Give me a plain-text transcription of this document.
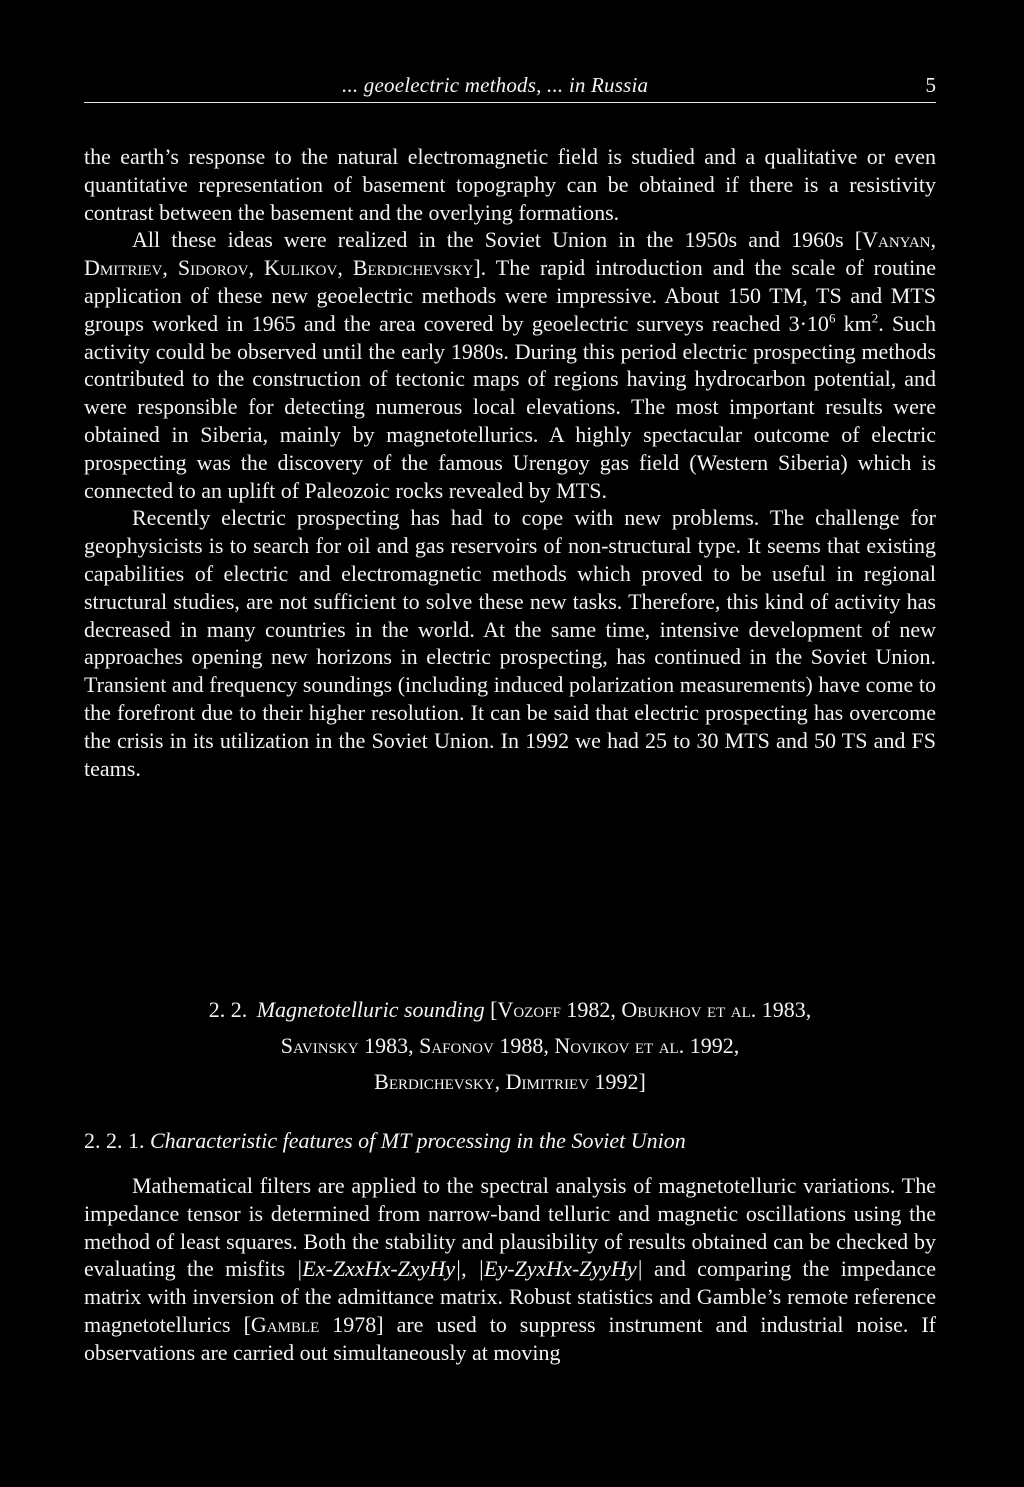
... geoelectric methods, ... in Russia	5

the earth’s response to the natural electromagnetic field is studied and a qualitative or even quantitative representation of basement topography can be obtained if there is a resistivity contrast between the basement and the overlying formations.

All these ideas were realized in the Soviet Union in the 1950s and 1960s [Vanyan, Dmitriev, Sidorov, Kulikov, Berdichevsky]. The rapid introduction and the scale of routine application of these new geoelectric methods were impressive. About 150 TM, TS and MTS groups worked in 1965 and the area covered by geoelectric surveys reached $3\cdot 10^6$ $km^2$. Such activity could be observed until the early 1980s. During this period electric prospecting methods contributed to the construction of tectonic maps of regions having hydrocarbon potential, and were responsible for detecting numerous local elevations. The most important results were obtained in Siberia, mainly by magnetotellurics. A highly spectacular outcome of electric prospecting was the discovery of the famous Urengoy gas field (Western Siberia) which is connected to an uplift of Paleozoic rocks revealed by MTS.

Recently electric prospecting has had to cope with new problems. The challenge for geophysicists is to search for oil and gas reservoirs of non-structural type. It seems that existing capabilities of electric and electromagnetic methods which proved to be useful in regional structural studies, are not sufficient to solve these new tasks. Therefore, this kind of activity has decreased in many countries in the world. At the same time, intensive development of new approaches opening new horizons in electric prospecting, has continued in the Soviet Union. Transient and frequency soundings (including induced polarization measurements) have come to the forefront due to their higher resolution. It can be said that electric prospecting has overcome the crisis in its utilization in the Soviet Union. In 1992 we had 25 to 30 MTS and 50 TS and FS teams.

2. 2. Magnetotelluric sounding [Vozoff 1982, Obukhov et al. 1983,
Savinsky 1983, Safonov 1988, Novikov et al. 1992,
Berdichevsky, Dimitriev 1992]
2. 2. 1. Characteristic features of MT processing in the Soviet Union

Mathematical filters are applied to the spectral analysis of magnetotelluric variations. The impedance tensor is determined from narrow-band telluric and magnetic oscillations using the method of least squares. Both the stability and plausibility of results obtained can be checked by evaluating the misfits |Ex-ZxxHx-ZxyHy|, |Ey-ZyxHx-ZyyHy| and comparing the impedance matrix with inversion of the admittance matrix. Robust statistics and Gamble’s remote reference magnetotellurics [Gamble 1978] are used to suppress instrument and industrial noise. If observations are carried out simultaneously at moving
